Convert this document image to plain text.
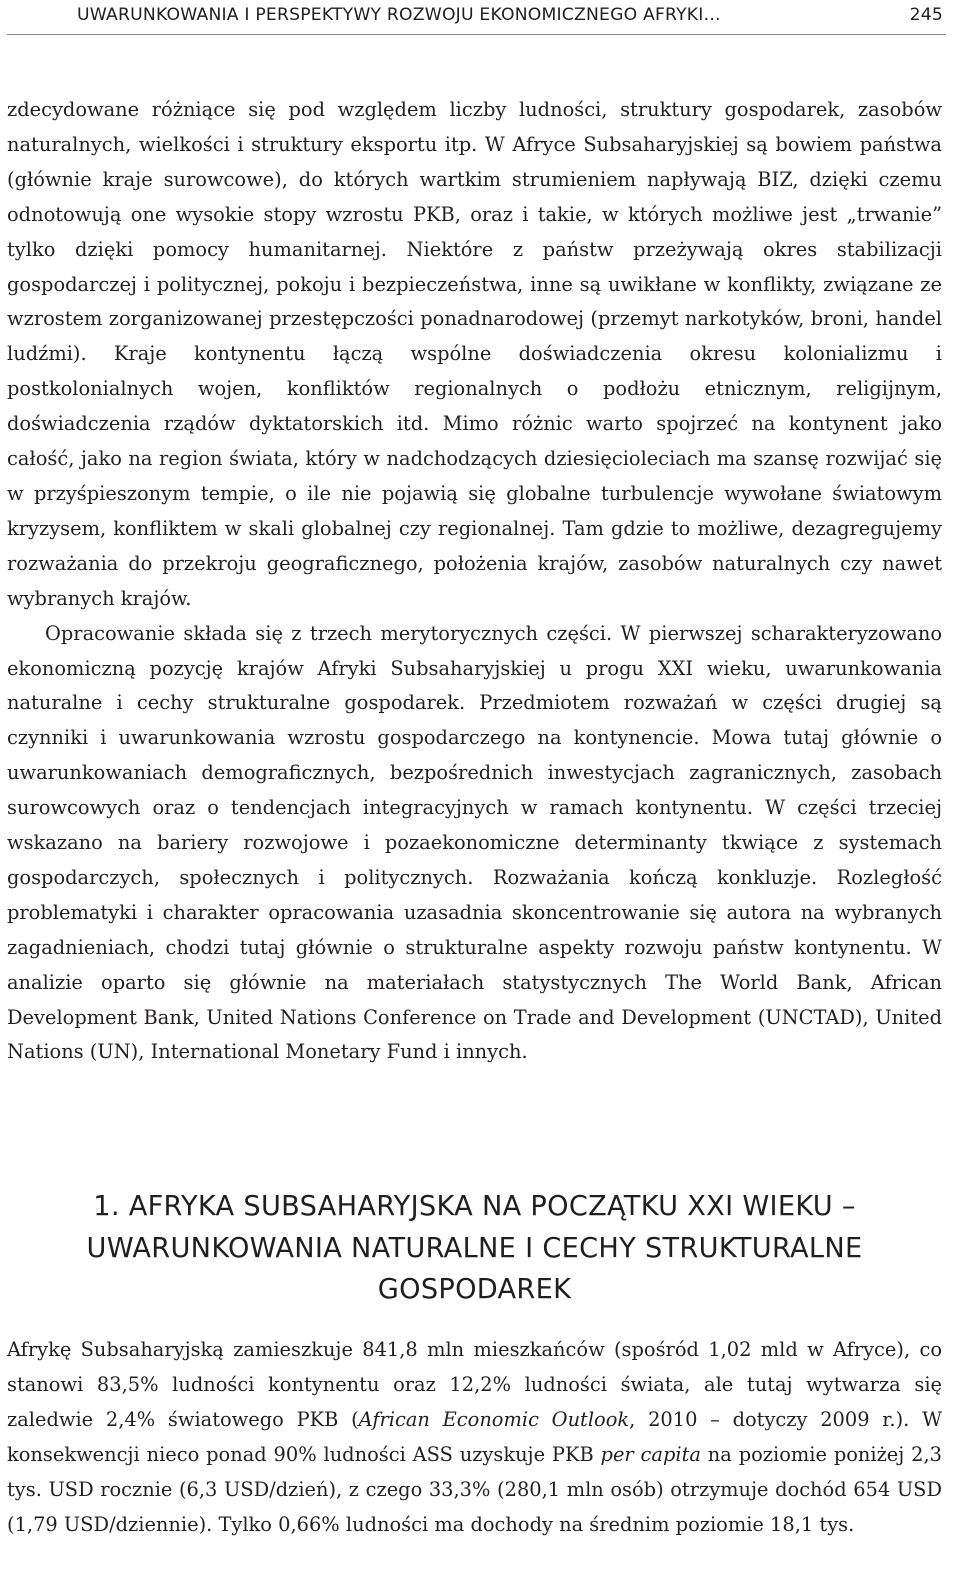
UWARUNKOWANIA I PERSPEKTYWY ROZWOJU EKONOMICZNEGO AFRYKI…	245

zdecydowane różniące się pod względem liczby ludności, struktury gospodarek, zasobów naturalnych, wielkości i struktury eksportu itp. W Afryce Subsaharyjskiej są bowiem państwa (głównie kraje surowcowe), do których wartkim strumieniem napływają BIZ, dzięki czemu odnotowują one wysokie stopy wzrostu PKB, oraz i takie, w których możliwe jest „trwanie” tylko dzięki pomocy humanitarnej. Niektóre z państw przeżywają okres stabilizacji gospodarczej i politycznej, pokoju i bezpieczeństwa, inne są uwikłane w konflikty, związane ze wzrostem zorganizowanej przestępczości ponadnarodowej (przemyt narkotyków, broni, handel ludźmi). Kraje kontynentu łączą wspólne doświadczenia okresu kolonializmu i postkolonialnych wojen, konfliktów regionalnych o podłożu etnicznym, religijnym, doświadczenia rządów dyktatorskich itd. Mimo różnic warto spojrzeć na kontynent jako całość, jako na region świata, który w nadchodzących dziesięcioleciach ma szansę rozwijać się w przyśpieszonym tempie, o ile nie pojawią się globalne turbulencje wywołane światowym kryzysem, konfliktem w skali globalnej czy regionalnej. Tam gdzie to możliwe, dezagregujemy rozważania do przekroju geograficznego, położenia krajów, zasobów naturalnych czy nawet wybranych krajów.

Opracowanie składa się z trzech merytorycznych części. W pierwszej scharakteryzowano ekonomiczną pozycję krajów Afryki Subsaharyjskiej u progu XXI wieku, uwarunkowania naturalne i cechy strukturalne gospodarek. Przedmiotem rozważań w części drugiej są czynniki i uwarunkowania wzrostu gospodarczego na kontynencie. Mowa tutaj głównie o uwarunkowaniach demograficznych, bezpośrednich inwestycjach zagranicznych, zasobach surowcowych oraz o tendencjach integracyjnych w ramach kontynentu. W części trzeciej wskazano na bariery rozwojowe i pozaekonomiczne determinanty tkwiące z systemach gospodarczych, społecznych i politycznych. Rozważania kończą konkluzje. Rozległość problematyki i charakter opracowania uzasadnia skoncentrowanie się autora na wybranych zagadnieniach, chodzi tutaj głównie o strukturalne aspekty rozwoju państw kontynentu. W analizie oparto się głównie na materiałach statystycznych The World Bank, African Development Bank, United Nations Conference on Trade and Development (UNCTAD), United Nations (UN), International Monetary Fund i innych.

1. AFRYKA SUBSAHARYJSKA NA POCZĄTKU XXI WIEKU –
UWARUNKOWANIA NATURALNE I CECHY STRUKTURALNE
GOSPODAREK

Afrykę Subsaharyjską zamieszkuje 841,8 mln mieszkańców (spośród 1,02 mld w Afryce), co stanowi 83,5% ludności kontynentu oraz 12,2% ludności świata, ale tutaj wytwarza się zaledwie 2,4% światowego PKB (African Economic Outlook, 2010 – dotyczy 2009 r.). W konsekwencji nieco ponad 90% ludności ASS uzyskuje PKB per capita na poziomie poniżej 2,3 tys. USD rocznie (6,3 USD/dzień), z czego 33,3% (280,1 mln osób) otrzymuje dochód 654 USD (1,79 USD/dziennie). Tylko 0,66% ludności ma dochody na średnim poziomie 18,1 tys.
